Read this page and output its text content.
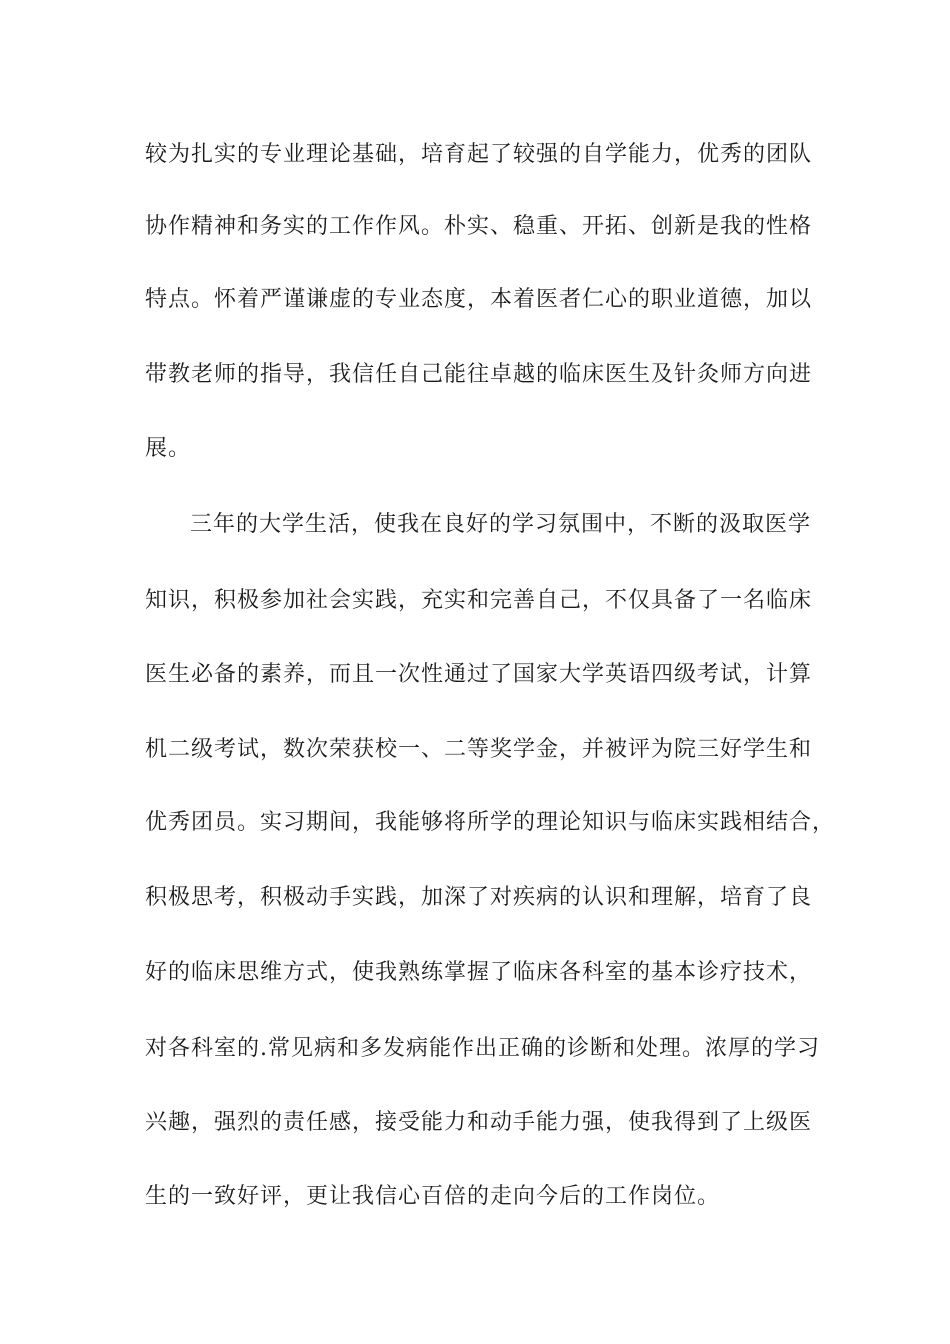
较为扎实的专业理论基础，培育起了较强的自学能力，优秀的团队
协作精神和务实的工作作风。朴实、稳重、开拓、创新是我的性格
特点。怀着严谨谦虚的专业态度，本着医者仁心的职业道德，加以
带教老师的指导，我信任自己能往卓越的临床医生及针灸师方向进
展。
三年的大学生活，使我在良好的学习氛围中，不断的汲取医学
知识，积极参加社会实践，充实和完善自己，不仅具备了一名临床
医生必备的素养，而且一次性通过了国家大学英语四级考试，计算
机二级考试，数次荣获校一、二等奖学金，并被评为院三好学生和
优秀团员。实习期间，我能够将所学的理论知识与临床实践相结合，
积极思考，积极动手实践，加深了对疾病的认识和理解，培育了良
好的临床思维方式，使我熟练掌握了临床各科室的基本诊疗技术，
对各科室的.常见病和多发病能作出正确的诊断和处理。浓厚的学习
兴趣，强烈的责任感，接受能力和动手能力强，使我得到了上级医
生的一致好评，更让我信心百倍的走向今后的工作岗位。
